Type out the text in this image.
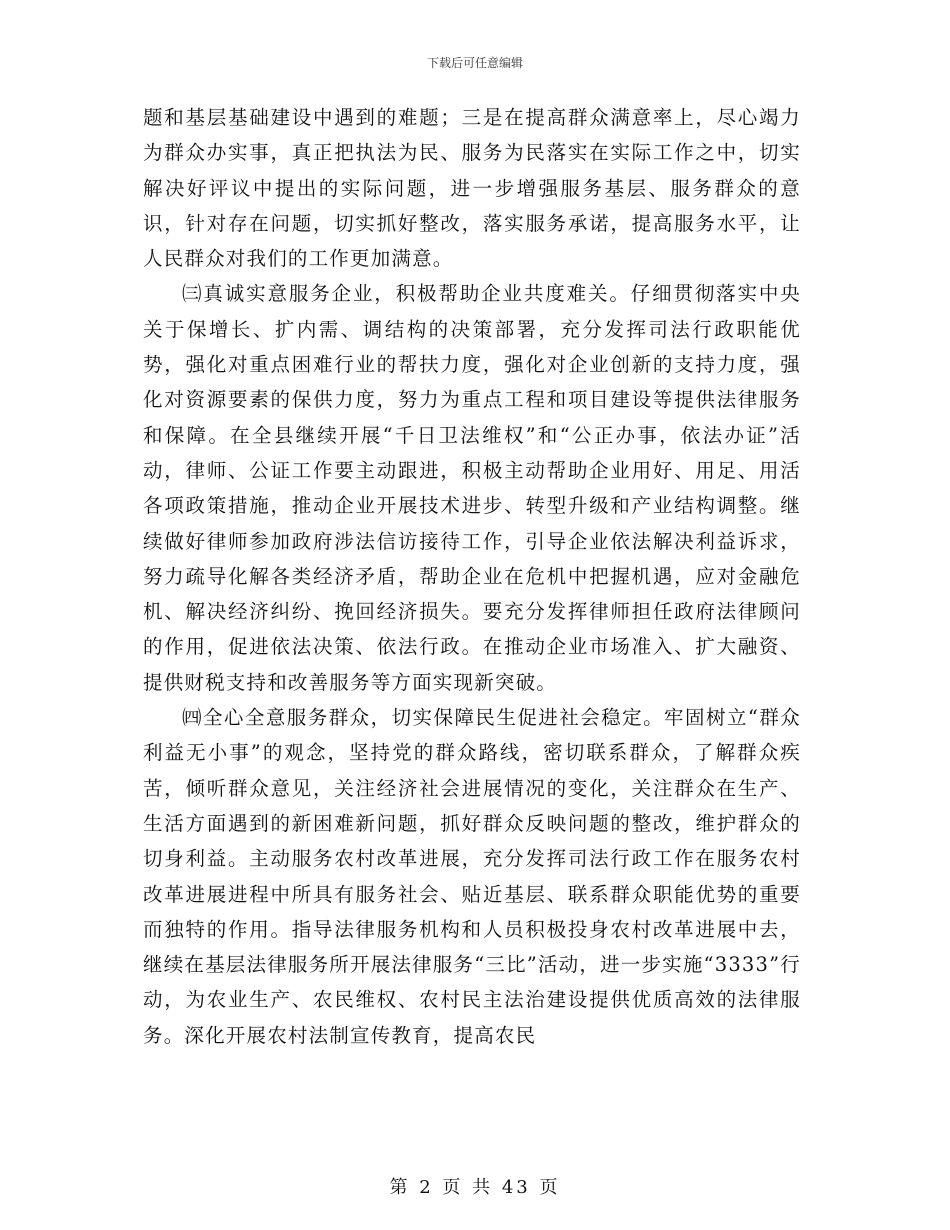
下载后可任意编辑

题和基层基础建设中遇到的难题；三是在提高群众满意率上，尽心竭力为群众办实事，真正把执法为民、服务为民落实在实际工作之中，切实解决好评议中提出的实际问题，进一步增强服务基层、服务群众的意识，针对存在问题，切实抓好整改，落实服务承诺，提高服务水平，让人民群众对我们的工作更加满意。

㈢真诚实意服务企业，积极帮助企业共度难关。仔细贯彻落实中央关于保增长、扩内需、调结构的决策部署，充分发挥司法行政职能优势，强化对重点困难行业的帮扶力度，强化对企业创新的支持力度，强化对资源要素的保供力度，努力为重点工程和项目建设等提供法律服务和保障。在全县继续开展“千日卫法维权”和“公正办事，依法办证”活动，律师、公证工作要主动跟进，积极主动帮助企业用好、用足、用活各项政策措施，推动企业开展技术进步、转型升级和产业结构调整。继续做好律师参加政府涉法信访接待工作，引导企业依法解决利益诉求，努力疏导化解各类经济矛盾，帮助企业在危机中把握机遇，应对金融危机、解决经济纠纷、挽回经济损失。要充分发挥律师担任政府法律顾问的作用，促进依法决策、依法行政。在推动企业市场准入、扩大融资、提供财税支持和改善服务等方面实现新突破。

㈣全心全意服务群众，切实保障民生促进社会稳定。牢固树立“群众利益无小事”的观念，坚持党的群众路线，密切联系群众，了解群众疾苦，倾听群众意见，关注经济社会进展情况的变化，关注群众在生产、生活方面遇到的新困难新问题，抓好群众反映问题的整改，维护群众的切身利益。主动服务农村改革进展，充分发挥司法行政工作在服务农村改革进展进程中所具有服务社会、贴近基层、联系群众职能优势的重要而独特的作用。指导法律服务机构和人员积极投身农村改革进展中去，继续在基层法律服务所开展法律服务“三比”活动，进一步实施“3333”行动，为农业生产、农民维权、农村民主法治建设提供优质高效的法律服务。深化开展农村法制宣传教育，提高农民

第 2 页 共 43 页
